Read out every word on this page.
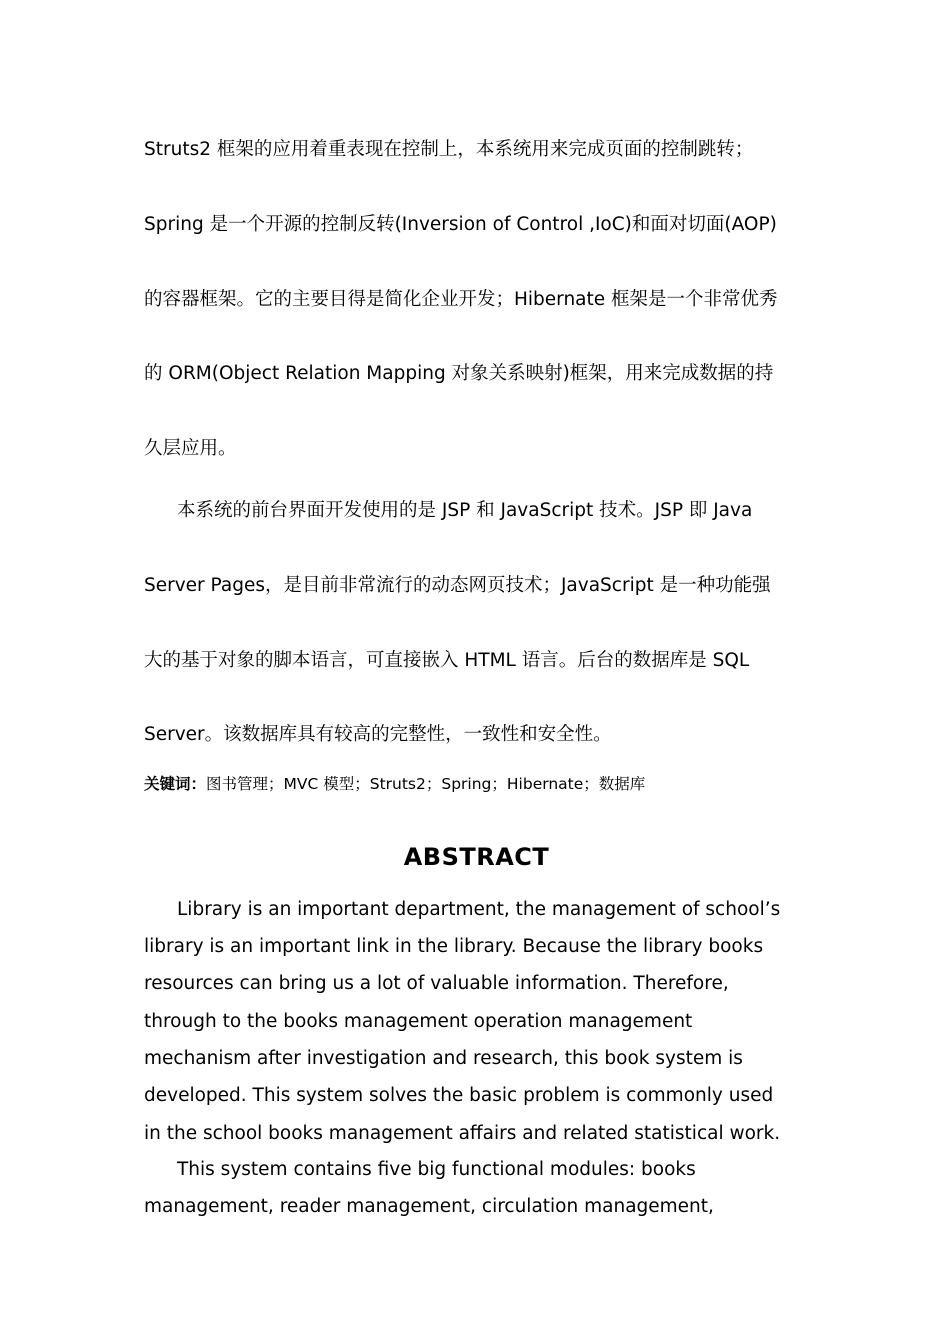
Struts2 框架的应用着重表现在控制上，本系统用来完成页面的控制跳转；
Spring 是一个开源的控制反转(Inversion of Control ,IoC)和面对切面(AOP)
的容器框架。它的主要目得是简化企业开发；Hibernate 框架是一个非常优秀
的 ORM(Object Relation Mapping 对象关系映射)框架，用来完成数据的持
久层应用。
本系统的前台界面开发使用的是 JSP 和 JavaScript 技术。JSP 即 Java
Server Pages，是目前非常流行的动态网页技术；JavaScript 是一种功能强
大的基于对象的脚本语言，可直接嵌入 HTML 语言。后台的数据库是 SQL
Server。该数据库具有较高的完整性，一致性和安全性。
关键词：图书管理；MVC 模型；Struts2；Spring；Hibernate；数据库
ABSTRACT
Library is an important department, the management of school’s
library is an important link in the library. Because the library books
resources can bring us a lot of valuable information. Therefore,
through to the books management operation management
mechanism after investigation and research, this book system is
developed. This system solves the basic problem is commonly used
in the school books management affairs and related statistical work.
This system contains five big functional modules: books
management, reader management, circulation management,
